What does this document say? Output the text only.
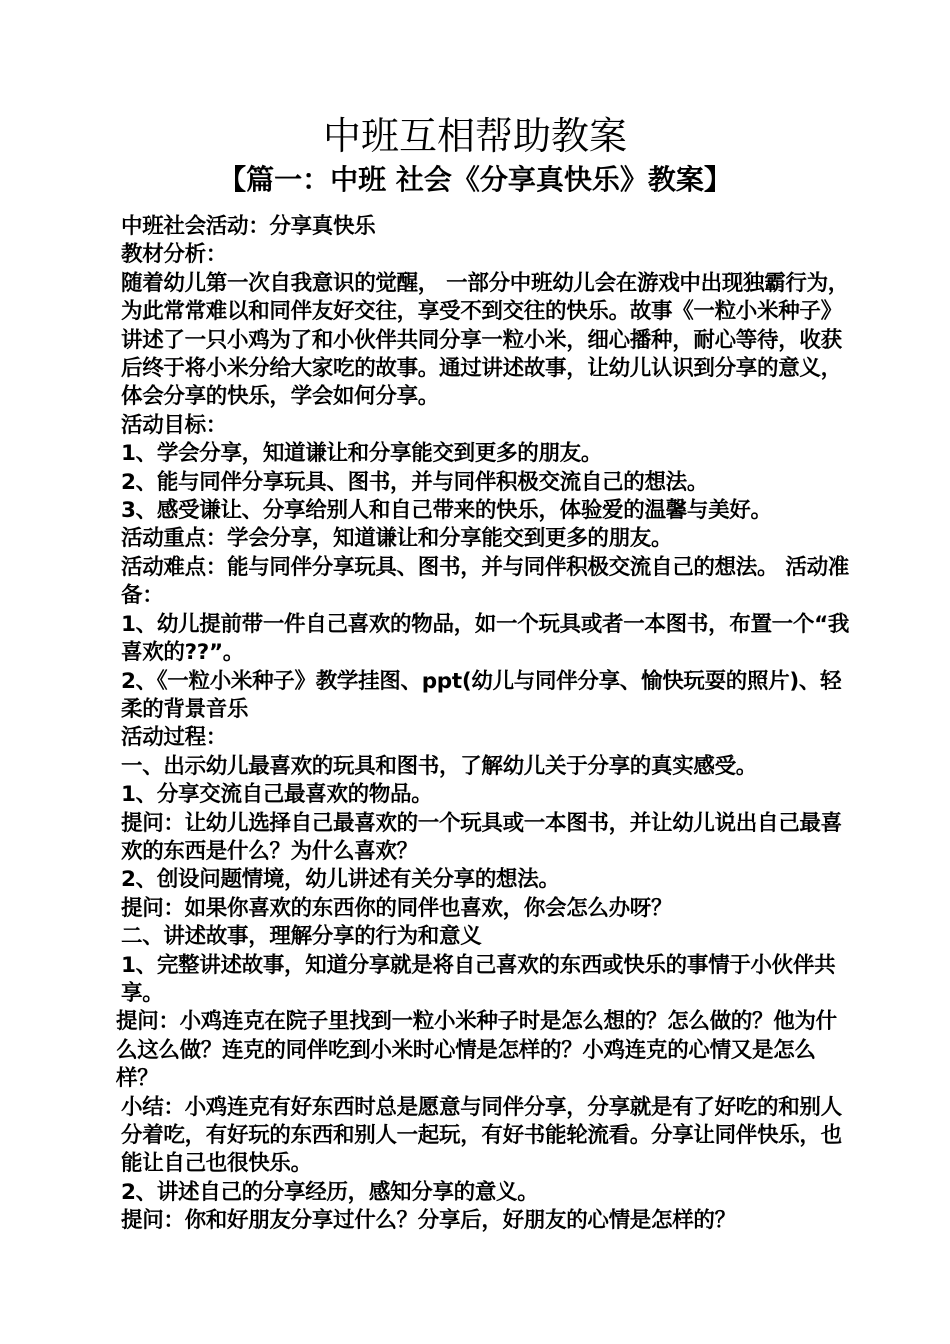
中班互相帮助教案
【篇一：中班 社会《分享真快乐》教案】

中班社会活动：分享真快乐

教材分析：

随着幼儿第一次自我意识的觉醒， 一部分中班幼儿会在游戏中出现独霸行为，为此常常难以和同伴友好交往，享受不到交往的快乐。故事《一粒小米种子》讲述了一只小鸡为了和小伙伴共同分享一粒小米，细心播种，耐心等待，收获后终于将小米分给大家吃的故事。通过讲述故事，让幼儿认识到分享的意义，体会分享的快乐，学会如何分享。

活动目标：

1、学会分享，知道谦让和分享能交到更多的朋友。

2、能与同伴分享玩具、图书，并与同伴积极交流自己的想法。

3、感受谦让、分享给别人和自己带来的快乐，体验爱的温馨与美好。

活动重点：学会分享，知道谦让和分享能交到更多的朋友。

活动难点：能与同伴分享玩具、图书，并与同伴积极交流自己的想法。 活动准备：

1、幼儿提前带一件自己喜欢的物品，如一个玩具或者一本图书，布置一个“我喜欢的??”。

2、《一粒小米种子》教学挂图、ppt(幼儿与同伴分享、愉快玩耍的照片)、轻柔的背景音乐

活动过程：

一、出示幼儿最喜欢的玩具和图书，了解幼儿关于分享的真实感受。

1、分享交流自己最喜欢的物品。

提问：让幼儿选择自己最喜欢的一个玩具或一本图书，并让幼儿说出自己最喜欢的东西是什么？为什么喜欢？

2、创设问题情境，幼儿讲述有关分享的想法。

提问：如果你喜欢的东西你的同伴也喜欢，你会怎么办呀？

二、讲述故事，理解分享的行为和意义

1、完整讲述故事，知道分享就是将自己喜欢的东西或快乐的事情于小伙伴共享。

提问：小鸡连克在院子里找到一粒小米种子时是怎么想的？怎么做的？他为什么这么做？连克的同伴吃到小米时心情是怎样的？小鸡连克的心情又是怎么样？

小结：小鸡连克有好东西时总是愿意与同伴分享，分享就是有了好吃的和别人分着吃，有好玩的东西和别人一起玩，有好书能轮流看。分享让同伴快乐，也能让自己也很快乐。

2、讲述自己的分享经历，感知分享的意义。

提问：你和好朋友分享过什么？分享后，好朋友的心情是怎样的？
